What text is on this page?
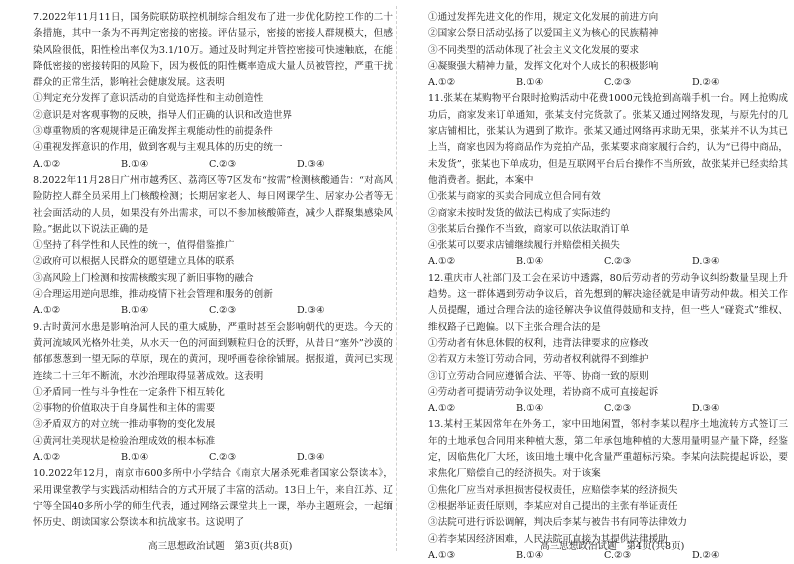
7.2022年11月11日，国务院联防联控机制综合组发布了进一步优化防控工作的二十条措施，其中一条为不再判定密接的密接。评估显示，密接的密接人群规模大，但感染风险很低，阳性检出率仅为3.1/10万。通过及时判定并管控密接可快速触底，在能降低密接的密接转阳的风险下，因为极低的阳性概率造成大量人员被管控，严重干扰群众的正常生活，影响社会健康发展。这表明

①判定充分发挥了意识活动的自觉选择性和主动创造性

②意识是对客观事物的反映，指导人们正确的认识和改造世界

③尊重物质的客观规律是正确发挥主观能动性的前提条件

④重视发挥意识的作用，做到客观与主观具体的历史的统一

A.①②	B.①④	C.②③	D.③④

8.2022年11月28日广州市越秀区、荔湾区等7区发布“按需”检测核酸通告：“对高风险防控人群全员采用上门核酸检测；长期居家老人、每日网课学生、居家办公者等无社会面活动的人员，如果没有外出需求，可以不参加核酸筛查，减少人群聚集感染风险。”据此以下说法正确的是

①坚持了科学性和人民性的统一，值得借鉴推广

②政府可以根据人民群众的愿望建立具体的联系

③高风险上门检测和按需核酸实现了新旧事物的融合

④合理运用逆向思维，推动疫情下社会管理和服务的创新

A.①②	B.①④	C.②③	D.③④

9.古时黄河水患是影响治河人民的重大威胁，严重时甚至会影响朝代的更迭。今天的黄河流域风光格外壮美，从水天一色的河面到颗粒归仓的沃野，从昔日“塞外”沙漠的郁郁葱葱到一望无际的草原，现在的黄河，现呼画卷徐徐铺展。据报道，黄河已实现连续二十三年不断流，水沙治理取得显著成效。这表明

①矛盾同一性与斗争性在一定条件下相互转化

②事物的价值取决于自身属性和主体的需要

③矛盾双方的对立统一推动事物的变化发展

④黄河壮美现状是检验治理成效的根本标准

A.①②	B.①④	C.②③	D.③④

10.2022年12月，南京市600多所中小学结合《南京大屠杀死难者国家公祭读本》，采用课堂教学与实践活动相结合的方式开展了丰富的活动。13日上午，来自江苏、辽宁等全国40多所小学的师生代表，通过网络云课堂共上一课，举办主题班会，一起缅怀历史、朗读国家公祭读本和抗战家书。这说明了

高三思想政治试题　第3页(共8页)

①通过发挥先进文化的作用，规定文化发展的前进方向

②国家公祭日活动弘扬了以爱国主义为核心的民族精神

③不同类型的活动体现了社会主义文化发展的要求

④凝聚强大精神力量，发挥文化对个人成长的积极影响

A.①②	B.①④	C.②③	D.②④

11.张某在某购物平台限时抢购活动中花费1000元钱抢到高端手机一台。网上抢购成功后，商家发来订单通知，张某支付完货款了。张某又通过网络发现，与原先付的几家店铺相比，张某认为遇到了欺诈。张某又通过网络再求助无果，张某并不认为其已上当，商家也因为将商品作为竞拍产品，张某要求商家履行合约，认为“已得中商品，未发货”，张某也下单成功，但是互联网平台后台操作不当所致，故张某并已经卖给其他消费者。据此，本案中

①张某与商家的买卖合同成立但合同有效

②商家未按时发货的做法已构成了实际违约

③张某后台操作不当致，商家可以依法取消订单

④张某可以要求店铺继续履行并赔偿相关损失

A.①②	B.①④	C.②③	D.③④

12.重庆市人社部门及工会在采访中透露，80后劳动者的劳动争议纠纷数量呈现上升趋势。这一群体遇到劳动争议后，首先想到的解决途径就是申请劳动仲裁。相关工作人员提醒，通过合理合法的途径解决争议值得鼓励和支持，但一些人“碰瓷式”维权、维权路子已跑偏。以下主张合理合法的是

①劳动者有休息休假的权利，违背法律要求的应修改

②若双方未签订劳动合同，劳动者权利就得不到维护

③订立劳动合同应遵循合法、平等、协商一致的原则

④劳动者可提请劳动争议处理，若协商不成可直接起诉

A.①②	B.①④	C.②③	D.③④

13.某村王某因常年在外务工，家中田地闲置，邻村李某以程序土地流转方式签订三年的土地承包合同用来种植大葱，第二年承包地种植的大葱用量明显产量下降，经鉴定，因临焦化厂大坯，该田地土壤中化含量严重超标污染。李某向法院提起诉讼，要求焦化厂赔偿自己的经济损失。对于该案

①焦化厂应当对承担损害侵权责任，应赔偿李某的经济损失

②根据举证责任原则，李某应对自己提出的主张有举证责任

③法院可进行诉讼调解，判决后李某与被告书有同等法律效力

④若李某因经济困难，人民法院可直接为其提供法律援助

A.①③	B.①④	C.②③	D.②④
高三思想政治试题　第4页(共8页)
